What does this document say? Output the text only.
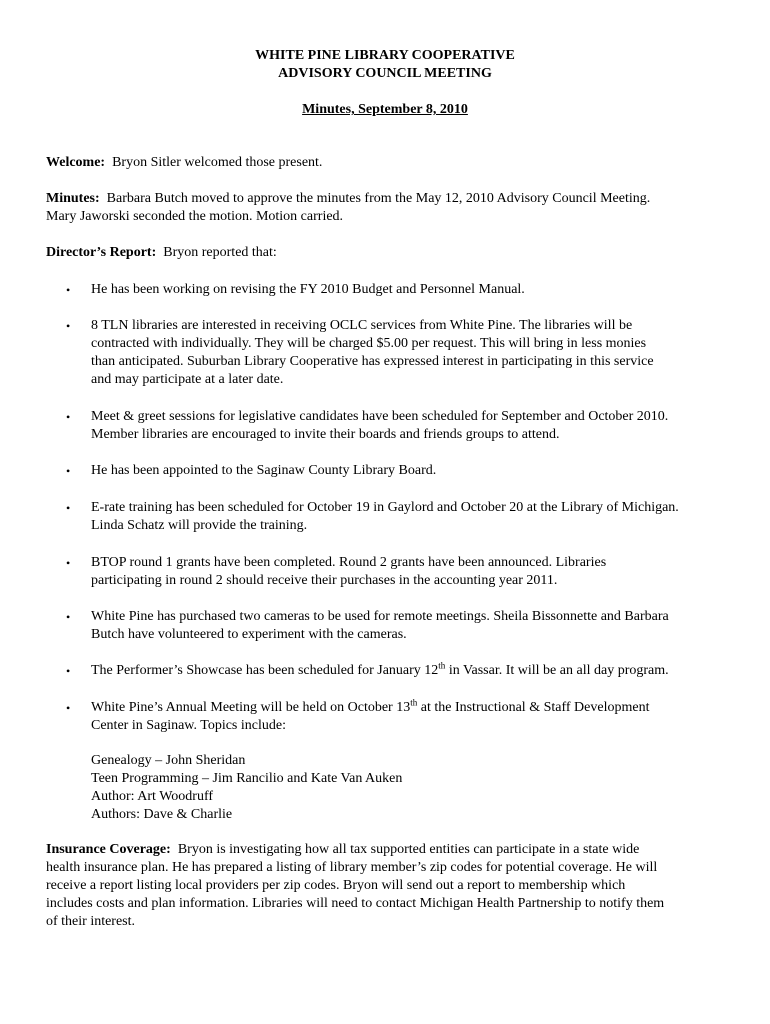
WHITE PINE LIBRARY COOPERATIVE
ADVISORY COUNCIL MEETING
Minutes, September 8, 2010
Welcome: Bryon Sitler welcomed those present.
Minutes: Barbara Butch moved to approve the minutes from the May 12, 2010 Advisory Council Meeting.
Mary Jaworski seconded the motion. Motion carried.
Director’s Report: Bryon reported that:
• He has been working on revising the FY 2010 Budget and Personnel Manual.
• 8 TLN libraries are interested in receiving OCLC services from White Pine. The libraries will be
contracted with individually. They will be charged $5.00 per request. This will bring in less monies
than anticipated. Suburban Library Cooperative has expressed interest in participating in this service
and may participate at a later date.
• Meet & greet sessions for legislative candidates have been scheduled for September and October 2010.
Member libraries are encouraged to invite their boards and friends groups to attend.
• He has been appointed to the Saginaw County Library Board.
• E-rate training has been scheduled for October 19 in Gaylord and October 20 at the Library of Michigan.
Linda Schatz will provide the training.
• BTOP round 1 grants have been completed. Round 2 grants have been announced. Libraries
participating in round 2 should receive their purchases in the accounting year 2011.
• White Pine has purchased two cameras to be used for remote meetings. Sheila Bissonnette and Barbara
Butch have volunteered to experiment with the cameras.
• The Performer’s Showcase has been scheduled for January 12th in Vassar. It will be an all day program.
• White Pine’s Annual Meeting will be held on October 13th at the Instructional & Staff Development
Center in Saginaw. Topics include:
Genealogy – John Sheridan
Teen Programming – Jim Rancilio and Kate Van Auken
Author: Art Woodruff
Authors: Dave & Charlie
Insurance Coverage: Bryon is investigating how all tax supported entities can participate in a state wide
health insurance plan. He has prepared a listing of library member’s zip codes for potential coverage. He will
receive a report listing local providers per zip codes. Bryon will send out a report to membership which
includes costs and plan information. Libraries will need to contact Michigan Health Partnership to notify them
of their interest.
